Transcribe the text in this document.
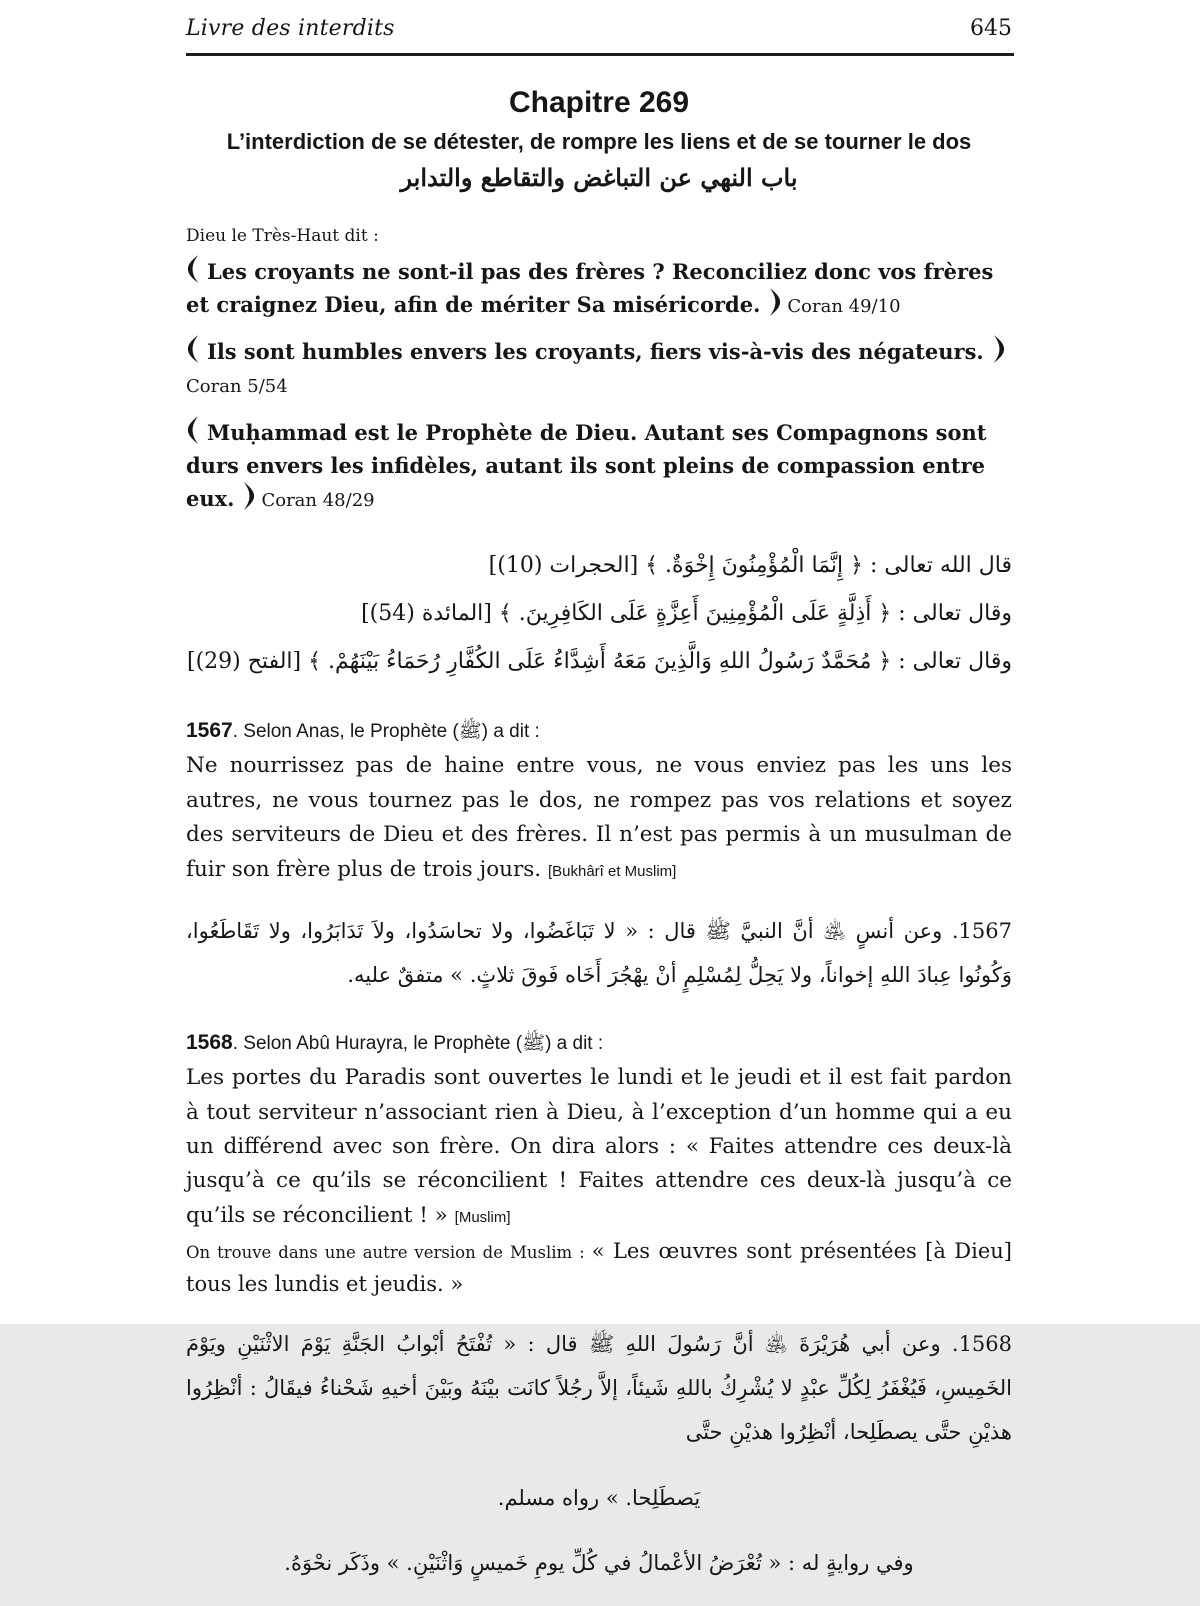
Livre des interdits	645
Chapitre 269
L’interdiction de se détester, de rompre les liens et de se tourner le dos
باب النهي عن التباغض والتقاطع والتدابر

Dieu le Très-Haut dit :

Les croyants ne sont-il pas des frères ? Reconciliez donc vos frères et craignez Dieu, afin de mériter Sa miséricorde. Coran 49/10

Ils sont humbles envers les croyants, fiers vis-à-vis des négateurs.
Coran 5/54

Muḥammad est le Prophète de Dieu. Autant ses Compagnons sont durs envers les infidèles, autant ils sont pleins de compassion entre eux. Coran 48/29

قال الله تعالى : ﴿ إِنَّمَا الْمُؤْمِنُونَ إِخْوَةٌ. ﴾ [الحجرات (10)]
وقال تعالى : ﴿ أَذِلَّةٍ عَلَى الْمُؤْمِنِينَ أَعِزَّةٍ عَلَى الكَافِرِينَ. ﴾ [المائدة (54)]
وقال تعالى : ﴿ مُحَمَّدٌ رَسُولُ اللهِ وَالَّذِينَ مَعَهُ أَشِدَّاءُ عَلَى الكُفَّارِ رُحَمَاءُ بَيْنَهُمْ. ﴾ [الفتح (29)]

1567. Selon Anas, le Prophète (ﷺ) a dit :

Ne nourrissez pas de haine entre vous, ne vous enviez pas les uns les autres, ne vous tournez pas le dos, ne rompez pas vos relations et soyez des serviteurs de Dieu et des frères. Il n’est pas permis à un musulman de fuir son frère plus de trois jours. [Bukhârî et Muslim]

1567. وعن أنسٍ ﵁ أنَّ النبيَّ ﷺ قال : « لا تَبَاغَضُوا، ولا تحاسَدُوا، ولاَ تَدَابَرُوا، ولا تَقَاطَعُوا، وَكُونُوا عِبادَ اللهِ إخواناً، ولا يَحِلُّ لِمُسْلِمٍ أنْ يهْجُرَ أَخَاه فَوقَ ثلاثٍ. » متفقٌ عليه.

1568. Selon Abû Hurayra, le Prophète (ﷺ) a dit :

Les portes du Paradis sont ouvertes le lundi et le jeudi et il est fait pardon à tout serviteur n’associant rien à Dieu, à l’exception d’un homme qui a eu un différend avec son frère. On dira alors : « Faites attendre ces deux-là jusqu’à ce qu’ils se réconcilient ! Faites attendre ces deux-là jusqu’à ce qu’ils se réconcilient ! » [Muslim]

On trouve dans une autre version de Muslim : « Les œuvres sont présentées [à Dieu] tous les lundis et jeudis. »

1568. وعن أبي هُرَيْرَةَ ﵁ أنَّ رَسُولَ اللهِ ﷺ قال : « تُفْتَحُ أبْوابُ الجَنَّةِ يَوْمَ الاثْنَيْنِ ويَوْمَ الخَمِيسِ، فَيُغْفَرُ لِكُلِّ عبْدٍ لا يُشْرِكُ باللهِ شَيئاً، إلاَّ رجُلاً كانَت بيْنَهُ وبَيْنَ أخيهِ شَحْناءُ فيقَالُ : أنْظِرُوا هذيْنِ حتَّى يصطَلِحا، أنْظِرُوا هذيْنِ حتَّى

يَصطَلِحا. » رواه مسلم.

وفي روايةٍ له : « تُعْرَضُ الأعْمالُ في كُلِّ يومِ خَميسٍ وَاثْنَيْنِ. » وذَكَر نحْوَهُ.
